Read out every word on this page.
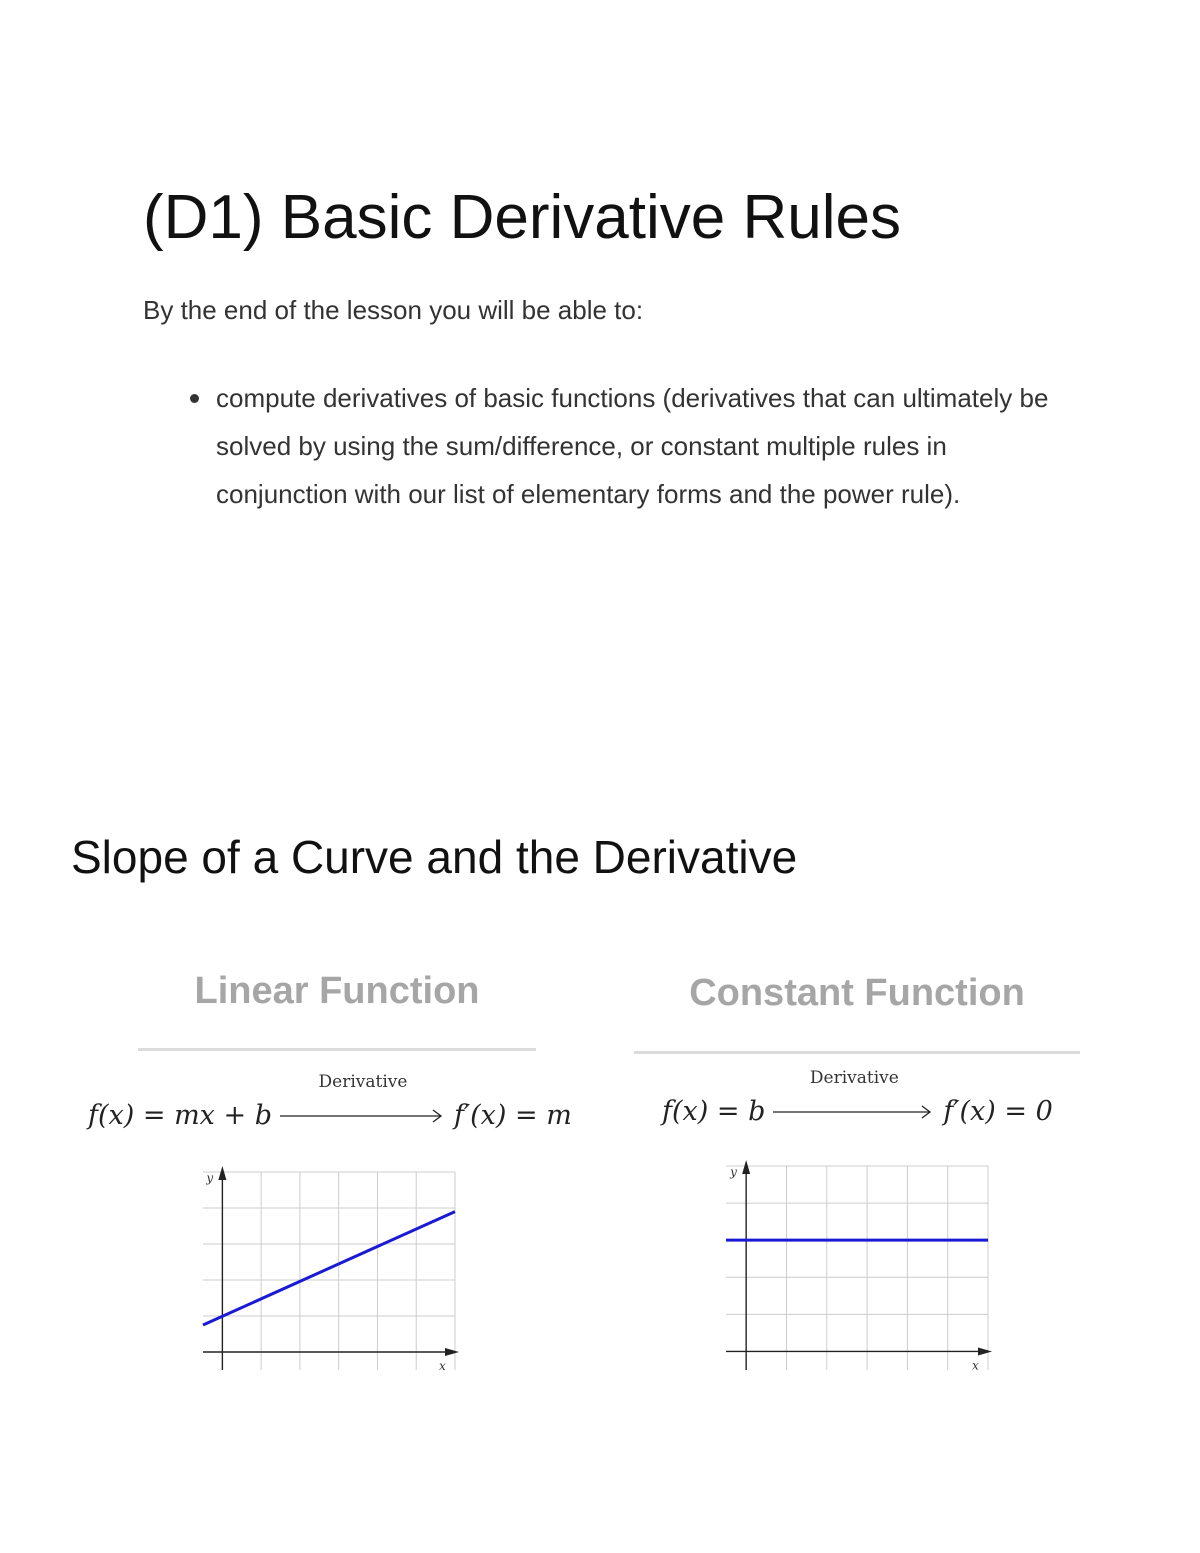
(D1) Basic Derivative Rules

By the end of the lesson you will be able to:

compute derivatives of basic functions (derivatives that can ultimately be solved by using the sum/difference, or constant multiple rules in conjunction with our list of elementary forms and the power rule).
Slope of a Curve and the Derivative
Linear Function
f(x) = mx + b
Derivative
f′(x) = m
x
y
Constant Function
f(x) = b
Derivative
f′(x) = 0
x
y
